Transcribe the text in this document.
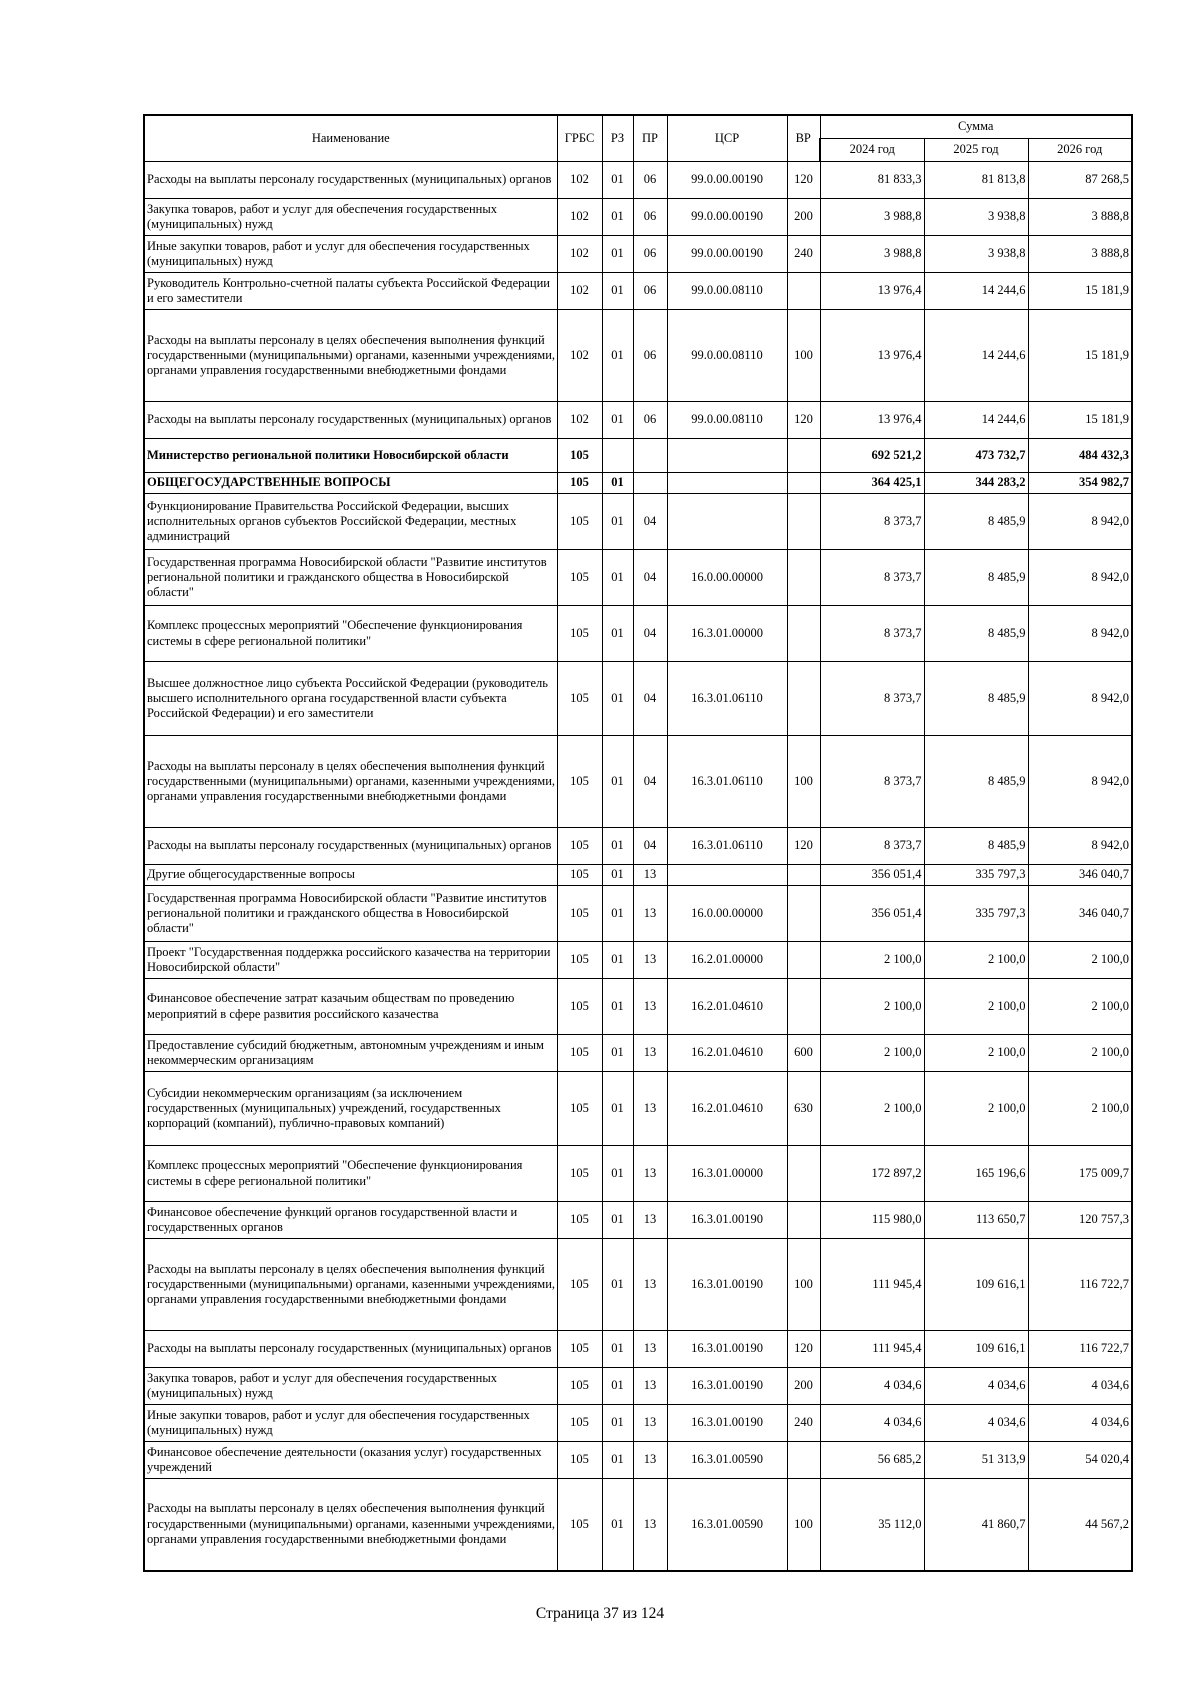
Наименование	ГРБС	РЗ	ПР	ЦСР	ВР	Сумма		
						2024 год	2025 год	2026 год
Расходы на выплаты персоналу государственных (муниципальных) органов	102	01	06	99.0.00.00190	120	81 833,3	81 813,8	87 268,5
Закупка товаров, работ и услуг для обеспечения государственных (муниципальных) нужд	102	01	06	99.0.00.00190	200	3 988,8	3 938,8	3 888,8
Иные закупки товаров, работ и услуг для обеспечения государственных (муниципальных) нужд	102	01	06	99.0.00.00190	240	3 988,8	3 938,8	3 888,8
Руководитель Контрольно-счетной палаты субъекта Российской Федерации и его заместители	102	01	06	99.0.00.08110		13 976,4	14 244,6	15 181,9
Расходы на выплаты персоналу в целях обеспечения выполнения функций государственными (муниципальными) органами, казенными учреждениями, органами управления государственными внебюджетными фондами	102	01	06	99.0.00.08110	100	13 976,4	14 244,6	15 181,9
Расходы на выплаты персоналу государственных (муниципальных) органов	102	01	06	99.0.00.08110	120	13 976,4	14 244,6	15 181,9
Министерство региональной политики Новосибирской области	105					692 521,2	473 732,7	484 432,3
ОБЩЕГОСУДАРСТВЕННЫЕ ВОПРОСЫ	105	01				364 425,1	344 283,2	354 982,7
Функционирование Правительства Российской Федерации, высших исполнительных органов субъектов Российской Федерации, местных администраций	105	01	04			8 373,7	8 485,9	8 942,0
Государственная программа Новосибирской области "Развитие институтов региональной политики и гражданского общества в Новосибирской области"	105	01	04	16.0.00.00000		8 373,7	8 485,9	8 942,0
Комплекс процессных мероприятий "Обеспечение функционирования системы в сфере региональной политики"	105	01	04	16.3.01.00000		8 373,7	8 485,9	8 942,0
Высшее должностное лицо субъекта Российской Федерации (руководитель высшего исполнительного органа государственной власти субъекта Российской Федерации) и его заместители	105	01	04	16.3.01.06110		8 373,7	8 485,9	8 942,0
Расходы на выплаты персоналу в целях обеспечения выполнения функций государственными (муниципальными) органами, казенными учреждениями, органами управления государственными внебюджетными фондами	105	01	04	16.3.01.06110	100	8 373,7	8 485,9	8 942,0
Расходы на выплаты персоналу государственных (муниципальных) органов	105	01	04	16.3.01.06110	120	8 373,7	8 485,9	8 942,0
Другие общегосударственные вопросы	105	01	13			356 051,4	335 797,3	346 040,7
Государственная программа Новосибирской области "Развитие институтов региональной политики и гражданского общества в Новосибирской области"	105	01	13	16.0.00.00000		356 051,4	335 797,3	346 040,7
Проект "Государственная поддержка российского казачества на территории Новосибирской области"	105	01	13	16.2.01.00000		2 100,0	2 100,0	2 100,0
Финансовое обеспечение затрат казачьим обществам по проведению мероприятий в сфере развития российского казачества	105	01	13	16.2.01.04610		2 100,0	2 100,0	2 100,0
Предоставление субсидий бюджетным, автономным учреждениям и иным некоммерческим организациям	105	01	13	16.2.01.04610	600	2 100,0	2 100,0	2 100,0
Субсидии некоммерческим организациям (за исключением государственных (муниципальных) учреждений, государственных корпораций (компаний), публично-правовых компаний)	105	01	13	16.2.01.04610	630	2 100,0	2 100,0	2 100,0
Комплекс процессных мероприятий "Обеспечение функционирования системы в сфере региональной политики"	105	01	13	16.3.01.00000		172 897,2	165 196,6	175 009,7
Финансовое обеспечение функций органов государственной власти и государственных органов	105	01	13	16.3.01.00190		115 980,0	113 650,7	120 757,3
Расходы на выплаты персоналу в целях обеспечения выполнения функций государственными (муниципальными) органами, казенными учреждениями, органами управления государственными внебюджетными фондами	105	01	13	16.3.01.00190	100	111 945,4	109 616,1	116 722,7
Расходы на выплаты персоналу государственных (муниципальных) органов	105	01	13	16.3.01.00190	120	111 945,4	109 616,1	116 722,7
Закупка товаров, работ и услуг для обеспечения государственных (муниципальных) нужд	105	01	13	16.3.01.00190	200	4 034,6	4 034,6	4 034,6
Иные закупки товаров, работ и услуг для обеспечения государственных (муниципальных) нужд	105	01	13	16.3.01.00190	240	4 034,6	4 034,6	4 034,6
Финансовое обеспечение деятельности (оказания услуг) государственных учреждений	105	01	13	16.3.01.00590		56 685,2	51 313,9	54 020,4
Расходы на выплаты персоналу в целях обеспечения выполнения функций государственными (муниципальными) органами, казенными учреждениями, органами управления государственными внебюджетными фондами	105	01	13	16.3.01.00590	100	35 112,0	41 860,7	44 567,2
Страница 37 из 124
